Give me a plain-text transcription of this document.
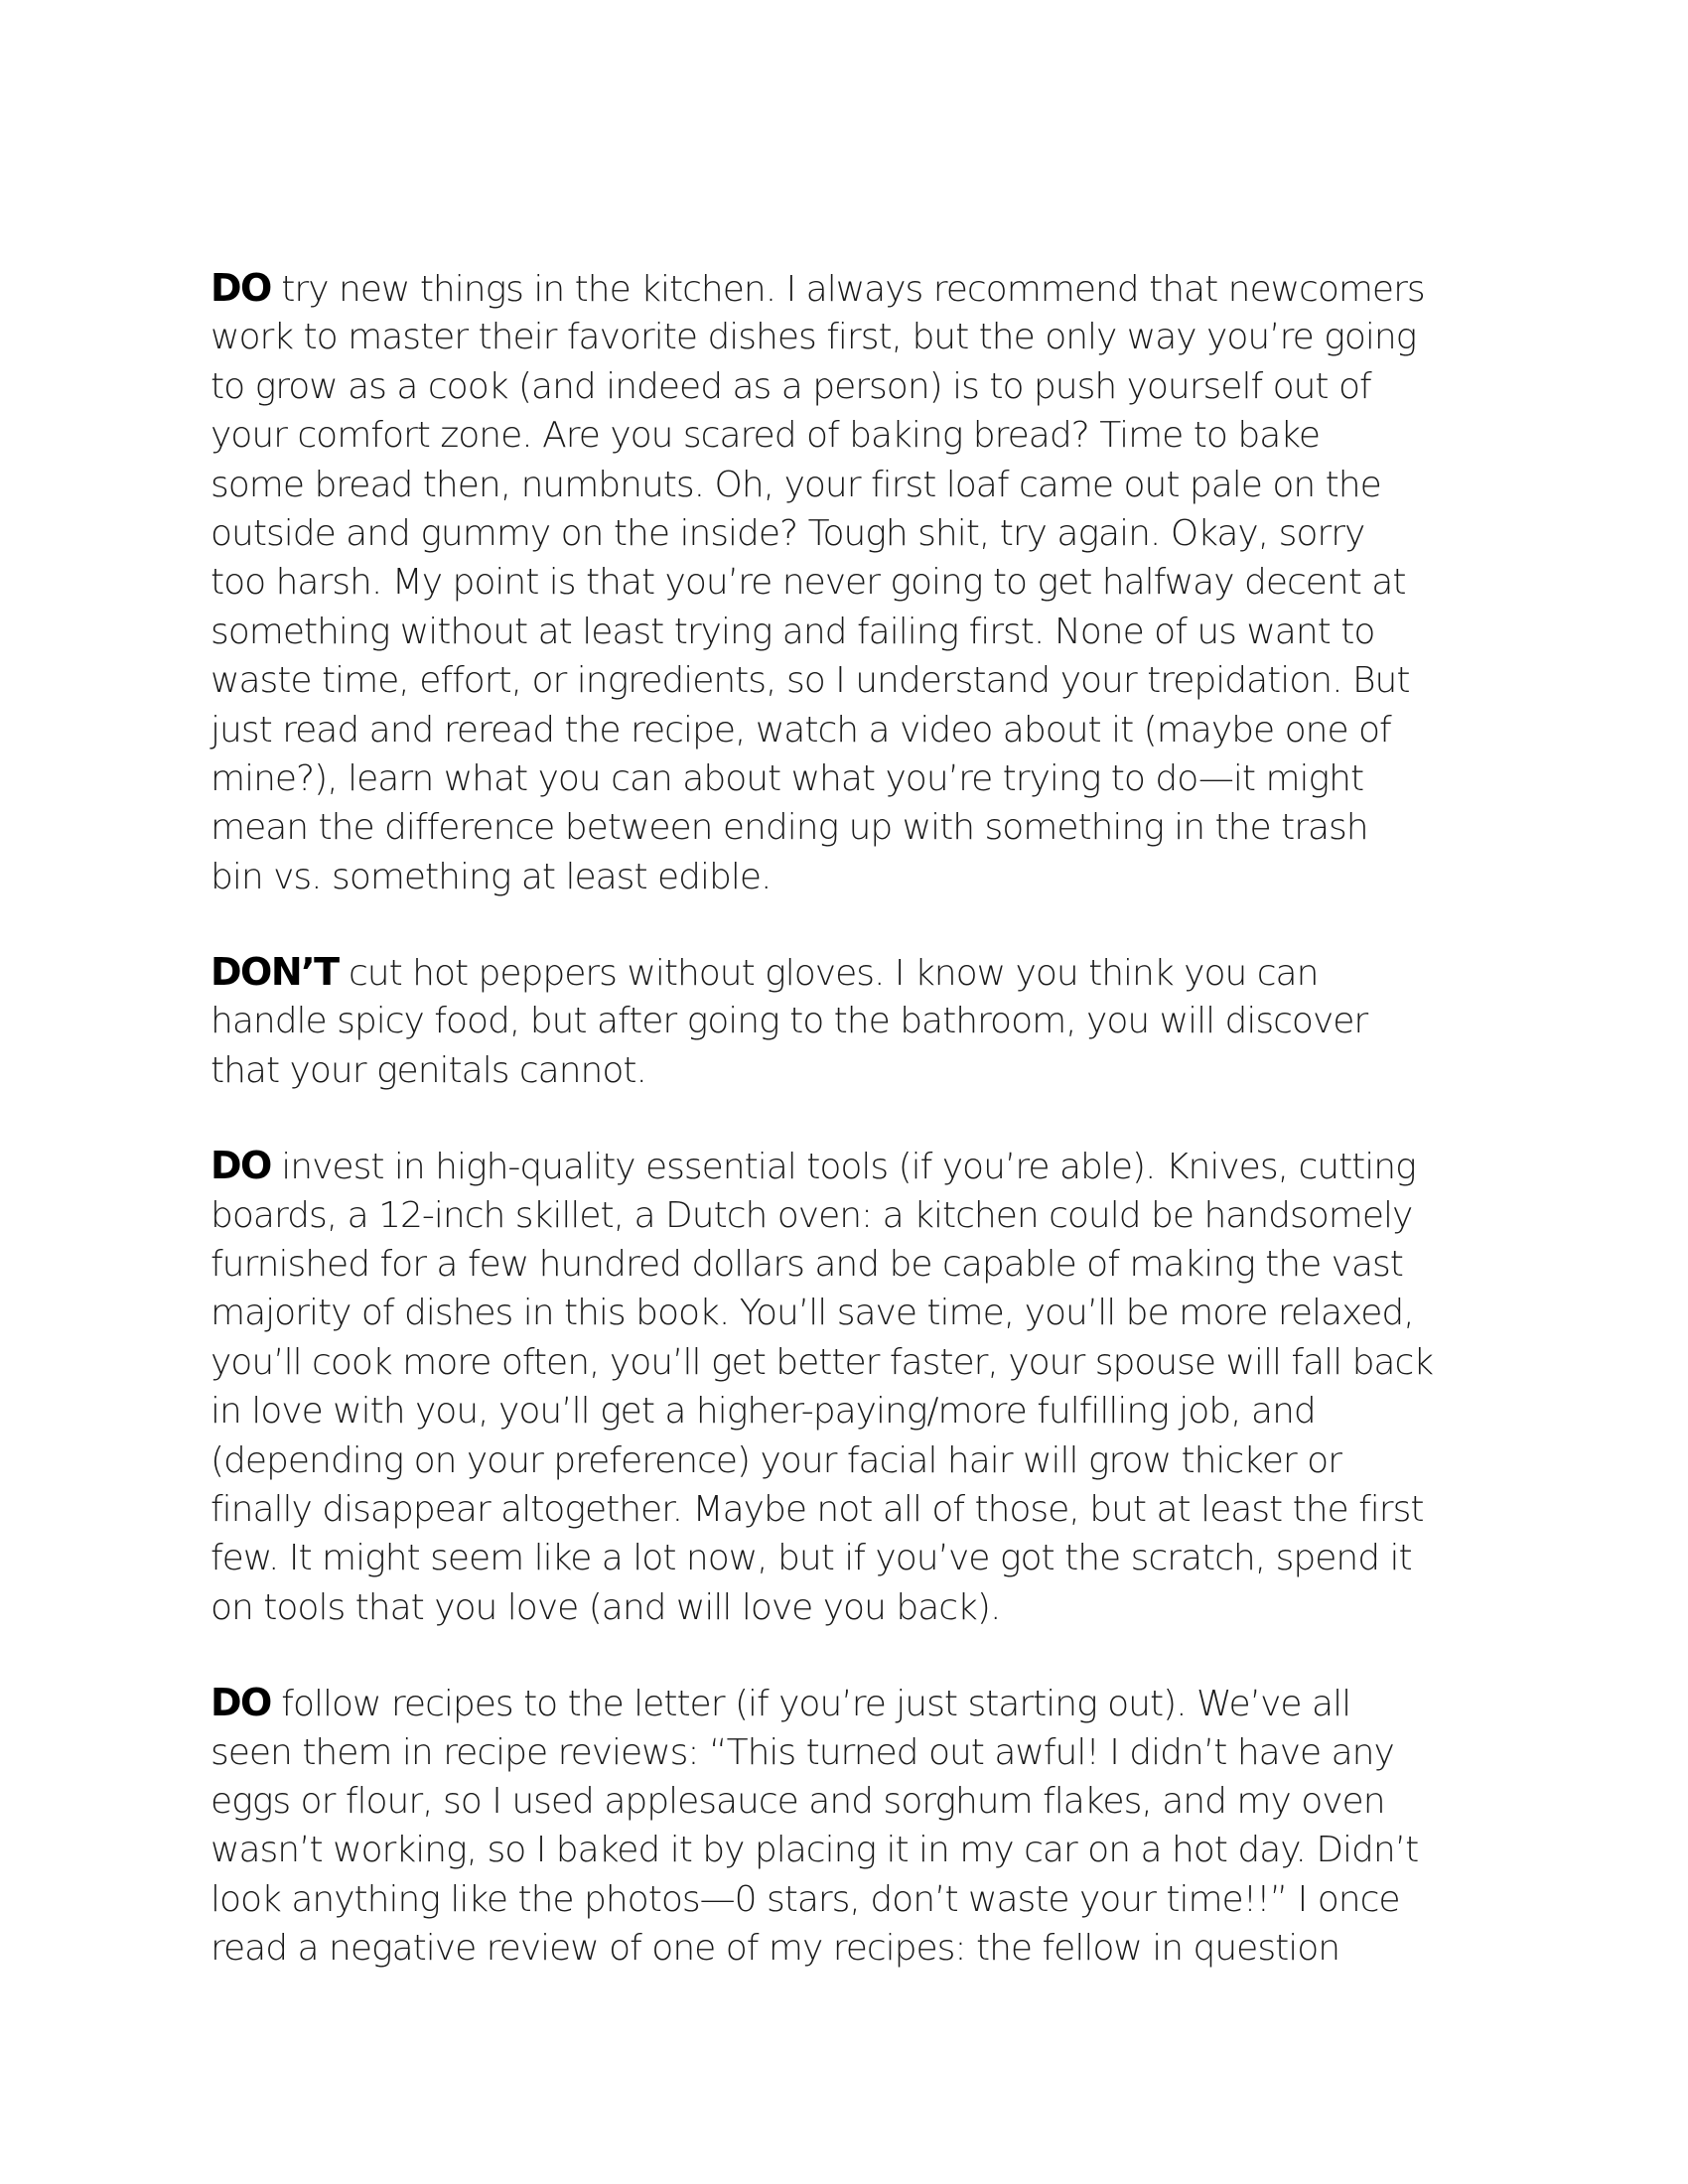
DO try new things in the kitchen. I always recommend that newcomers
work to master their favorite dishes first, but the only way you’re going
to grow as a cook (and indeed as a person) is to push yourself out of
your comfort zone. Are you scared of baking bread? Time to bake
some bread then, numbnuts. Oh, your first loaf came out pale on the
outside and gummy on the inside? Tough shit, try again. Okay, sorry
too harsh. My point is that you’re never going to get halfway decent at
something without at least trying and failing first. None of us want to
waste time, effort, or ingredients, so I understand your trepidation. But
just read and reread the recipe, watch a video about it (maybe one of
mine?), learn what you can about what you’re trying to do—it might
mean the difference between ending up with something in the trash
bin vs. something at least edible.
DON’T cut hot peppers without gloves. I know you think you can
handle spicy food, but after going to the bathroom, you will discover
that your genitals cannot.
DO invest in high-quality essential tools (if you’re able). Knives, cutting
boards, a 12-inch skillet, a Dutch oven: a kitchen could be handsomely
furnished for a few hundred dollars and be capable of making the vast
majority of dishes in this book. You’ll save time, you’ll be more relaxed,
you’ll cook more often, you’ll get better faster, your spouse will fall back
in love with you, you’ll get a higher-paying/more fulfilling job, and
(depending on your preference) your facial hair will grow thicker or
finally disappear altogether. Maybe not all of those, but at least the first
few. It might seem like a lot now, but if you’ve got the scratch, spend it
on tools that you love (and will love you back).
DO follow recipes to the letter (if you’re just starting out). We’ve all
seen them in recipe reviews: “This turned out awful! I didn’t have any
eggs or flour, so I used applesauce and sorghum flakes, and my oven
wasn’t working, so I baked it by placing it in my car on a hot day. Didn’t
look anything like the photos—0 stars, don’t waste your time!!” I once
read a negative review of one of my recipes: the fellow in question
